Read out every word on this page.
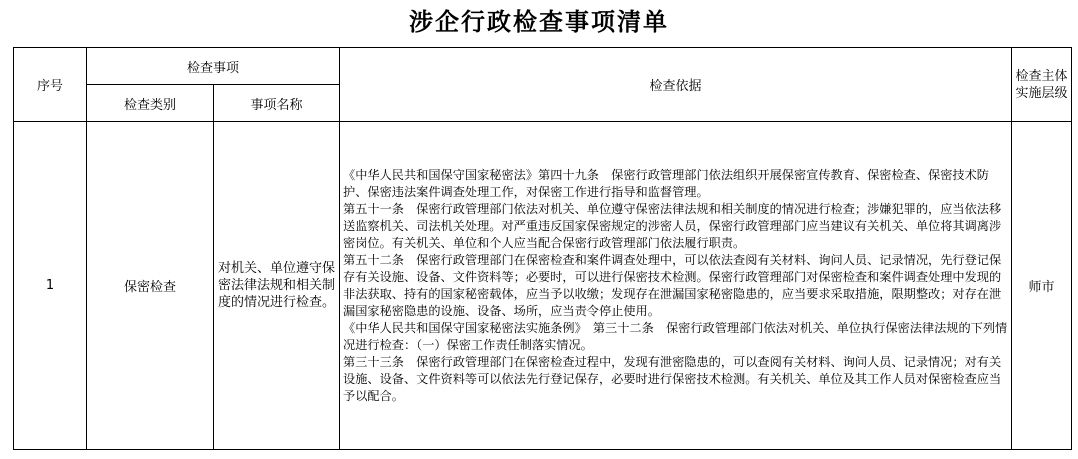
涉企行政检查事项清单
序号	检查事项		检查依据	检查主体实施层级
	检查类别	事项名称		
1	保密检查	对机关、单位遵守保密法律法规和相关制度的情况进行检查。	《中华人民共和国保守国家秘密法》第四十九条　保密行政管理部门依法组织开展保密宣传教育、保密检查、保密技术防护、保密违法案件调查处理工作，对保密工作进行指导和监督管理。

第五十一条　保密行政管理部门依法对机关、单位遵守保密法律法规和相关制度的情况进行检查；涉嫌犯罪的，应当依法移送监察机关、司法机关处理。对严重违反国家保密规定的涉密人员，保密行政管理部门应当建议有关机关、单位将其调离涉密岗位。有关机关、单位和个人应当配合保密行政管理部门依法履行职责。

第五十二条　保密行政管理部门在保密检查和案件调查处理中，可以依法查阅有关材料、询问人员、记录情况，先行登记保存有关设施、设备、文件资料等；必要时，可以进行保密技术检测。保密行政管理部门对保密检查和案件调查处理中发现的非法获取、持有的国家秘密载体，应当予以收缴；发现存在泄漏国家秘密隐患的，应当要求采取措施，限期整改；对存在泄漏国家秘密隐患的设施、设备、场所，应当责令停止使用。

《中华人民共和国保守国家秘密法实施条例》　第三十二条　保密行政管理部门依法对机关、单位执行保密法律法规的下列情况进行检查：（一）保密工作责任制落实情况。

第三十三条　保密行政管理部门在保密检查过程中，发现有泄密隐患的，可以查阅有关材料、询问人员、记录情况；对有关设施、设备、文件资料等可以依法先行登记保存，必要时进行保密技术检测。有关机关、单位及其工作人员对保密检查应当予以配合。	师市
